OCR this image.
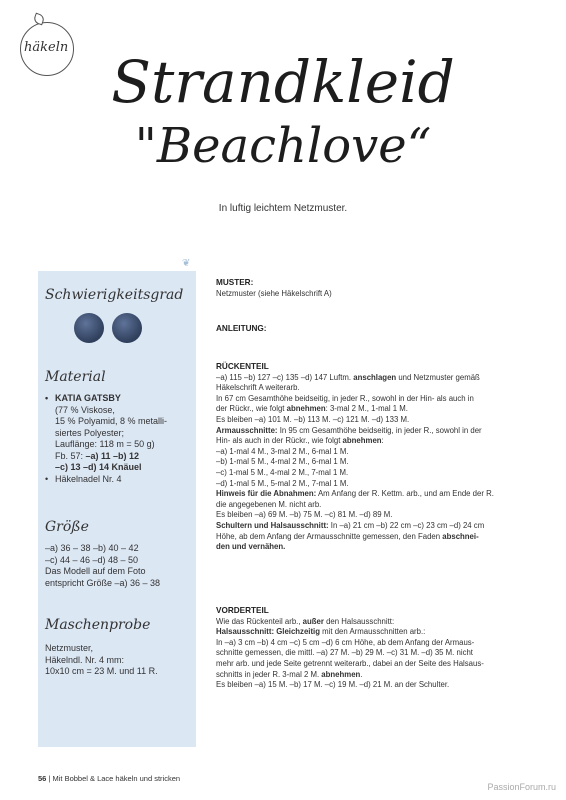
häkeln
Strandkleid
"Beachlove“
In luftig leichtem Netzmuster.
❦
Schwierigkeitsgrad
Material
• KATIA GATSBY
(77 % Viskose,
15 % Polyamid, 8 % metalli-
siertes Polyester;
Lauflänge: 118 m = 50 g)
Fb. 57: –a) 11 –b) 12
–c) 13 –d) 14 Knäuel
• Häkelnadel Nr. 4
Größe
–a) 36 – 38 –b) 40 – 42
–c) 44 – 46 –d) 48 – 50
Das Modell auf dem Foto
entspricht Größe –a) 36 – 38
Maschenprobe
Netzmuster,
Häkelndl. Nr. 4 mm:
10x10 cm = 23 M. und 11 R.
MUSTER:
Netzmuster (siehe Häkelschrift A)
ANLEITUNG:
RÜCKENTEIL
–a) 115 –b) 127 –c) 135 –d) 147 Luftm. anschlagen und Netzmuster gemäß
Häkelschrift A weiterarb.
In 67 cm Gesamthöhe beidseitig, in jeder R., sowohl in der Hin- als auch in
der Rückr., wie folgt abnehmen: 3-mal 2 M., 1-mal 1 M.
Es bleiben –a) 101 M. –b) 113 M. –c) 121 M. –d) 133 M.
Armausschnitte: In 95 cm Gesamthöhe beidseitig, in jeder R., sowohl in der
Hin- als auch in der Rückr., wie folgt abnehmen:
–a) 1-mal 4 M., 3-mal 2 M., 6-mal 1 M.
–b) 1-mal 5 M., 4-mal 2 M., 6-mal 1 M.
–c) 1-mal 5 M., 4-mal 2 M., 7-mal 1 M.
–d) 1-mal 5 M., 5-mal 2 M., 7-mal 1 M.
Hinweis für die Abnahmen: Am Anfang der R. Kettm. arb., und am Ende der R.
die angegebenen M. nicht arb.
Es bleiben –a) 69 M. –b) 75 M. –c) 81 M. –d) 89 M.
Schultern und Halsausschnitt: In –a) 21 cm –b) 22 cm –c) 23 cm –d) 24 cm
Höhe, ab dem Anfang der Armausschnitte gemessen, den Faden abschnei-
den und vernähen.
VORDERTEIL
Wie das Rückenteil arb., außer den Halsausschnitt:
Halsausschnitt: Gleichzeitig mit den Armausschnitten arb.:
In –a) 3 cm –b) 4 cm –c) 5 cm –d) 6 cm Höhe, ab dem Anfang der Armaus-
schnitte gemessen, die mittl. –a) 27 M. –b) 29 M. –c) 31 M. –d) 35 M. nicht
mehr arb. und jede Seite getrennt weiterarb., dabei an der Seite des Halsaus-
schnitts in jeder R. 3-mal 2 M. abnehmen.
Es bleiben –a) 15 M. –b) 17 M. –c) 19 M. –d) 21 M. an der Schulter.
56 | Mit Bobbel & Lace häkeln und stricken
PassionForum.ru
